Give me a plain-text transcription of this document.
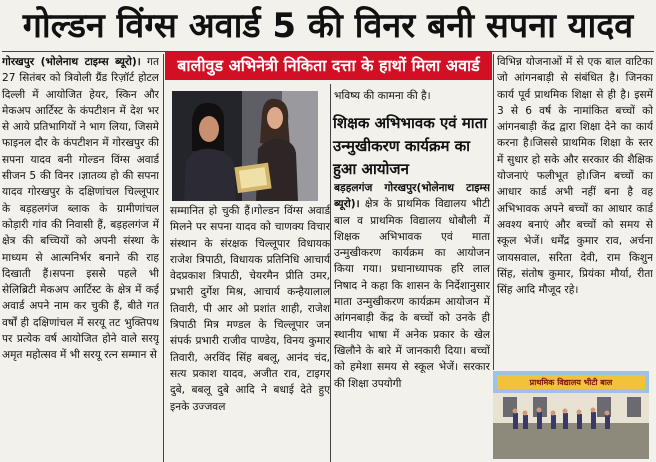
गोल्डन विंग्स अवार्ड 5 की विनर बनी सपना यादव

गोरखपुर (भोलेनाथ टाइम्स ब्यूरो)। गत 27 सितंबर को त्रिवोली ग्रैंड रिज़ॉर्ट होटल दिल्ली में आयोजित हेयर, स्किन और मेकअप आर्टिस्ट के कंपटीशन में देश भर से आये प्रतिभागियों ने भाग लिया, जिसमे फाइनल दौर के कंपटीशन में गोरखपुर की सपना यादव बनी गोल्डन विंग्स अवार्ड सीजन 5 की विनर ।ज्ञातव्य हो की सपना यादव गोरखपुर के दक्षिणांचल चिल्लूपार के बड़हलगंज ब्लाक के ग्रामीणांचल कोड़ारी गांव की निवासी हैं, बड़हलगंज में क्षेत्र की बच्चियों को अपनी संस्था के माध्यम से आत्मनिर्भर बनाने की राह दिखाती हैं।सपना इससे पहले भी सेलिब्रिटी मेकअप आर्टिस्ट के क्षेत्र में कई अवार्ड अपने नाम कर चुकी हैं, बीते गत वर्षों ही दक्षिणांचल में सरयू तट भुक्तिपथ पर प्रत्येक वर्ष आयोजित होने वाले सरयू अमृत महोत्सव में भी सरयू रत्न सम्मान से

बालीवुड अभिनेत्री निकिता दत्ता के हाथों मिला अवार्ड

सम्मानित हो चुकी हैं।गोल्डन विंग्स अवार्ड मिलने पर सपना यादव को चाणक्य विचार संस्थान के संरक्षक चिल्लूपार विधायक राजेश त्रिपाठी, विधायक प्रतिनिधि आचार्य वेदप्रकाश त्रिपाठी, चेयरमैन प्रीति उमर, प्रभारी दुर्गेश मिश्र, आचार्य कन्हैयालाल तिवारी, पी आर ओ प्रशांत शाही, राजेश त्रिपाठी मित्र मण्डल के चिल्लूपार जन संपर्क प्रभारी राजीव पाण्डेय, विनय कुमार तिवारी, अरविंद सिंह बबलू, आनंद चंद, सत्य प्रकाश यादव, अजीत राव, टाइगर दुबे, बबलू दुबे आदि ने बधाई देते हुए इनके उज्जवल

भविष्य की कामना की है।

शिक्षक अभिभावक एवं माता उन्मुखीकरण कार्यक्रम का हुआ आयोजन

बड़हलगंज गोरखपुर(भोलेनाथ टाइम्स ब्यूरो)। क्षेत्र के प्राथमिक विद्यालय भीटी बाल व प्राथमिक विद्यालय धोबौली में शिक्षक अभिभावक एवं माता उन्मुखीकरण कार्यक्रम का आयोजन किया गया। प्रधानाध्यापक हरि लाल निषाद ने कहा कि शासन के निर्देशानुसार माता उन्मुखीकरण कार्यक्रम आयोजन में आंगनबाड़ी केंद्र के बच्चों को उनके ही स्थानीय भाषा में अनेक प्रकार के खेल खिलौने के बारे में जानकारी दिया। बच्चों को हमेशा समय से स्कूल भेजें। सरकार की शिक्षा उपयोगी

विभिन्न योजनाओं में से एक बाल वाटिका जो आंगनबाड़ी से संबंधित है। जिनका कार्य पूर्व प्राथमिक शिक्षा से ही है। इसमें 3 से 6 वर्ष के नामांकित बच्चों को आंगनबाड़ी केंद्र द्वारा शिक्षा देने का कार्य करना है।जिससे प्राथमिक शिक्षा के स्तर में सुधार हो सके और सरकार की शैक्षिक योजनाएं फलीभूत हो।जिन बच्चों का आधार कार्ड अभी नहीं बना है वह अभिभावक अपने बच्चों का आधार कार्ड अवश्य बनाएं और बच्चों को समय से स्कूल भेजें। धर्मेंद्र कुमार राव, अर्चना जायसवाल, सरिता देवी, राम किशुन सिंह, संतोष कुमार, प्रियंका मौर्या, रीता सिंह आदि मौजूद रहे।

प्राथमिक विद्यालय भीटी बाल
